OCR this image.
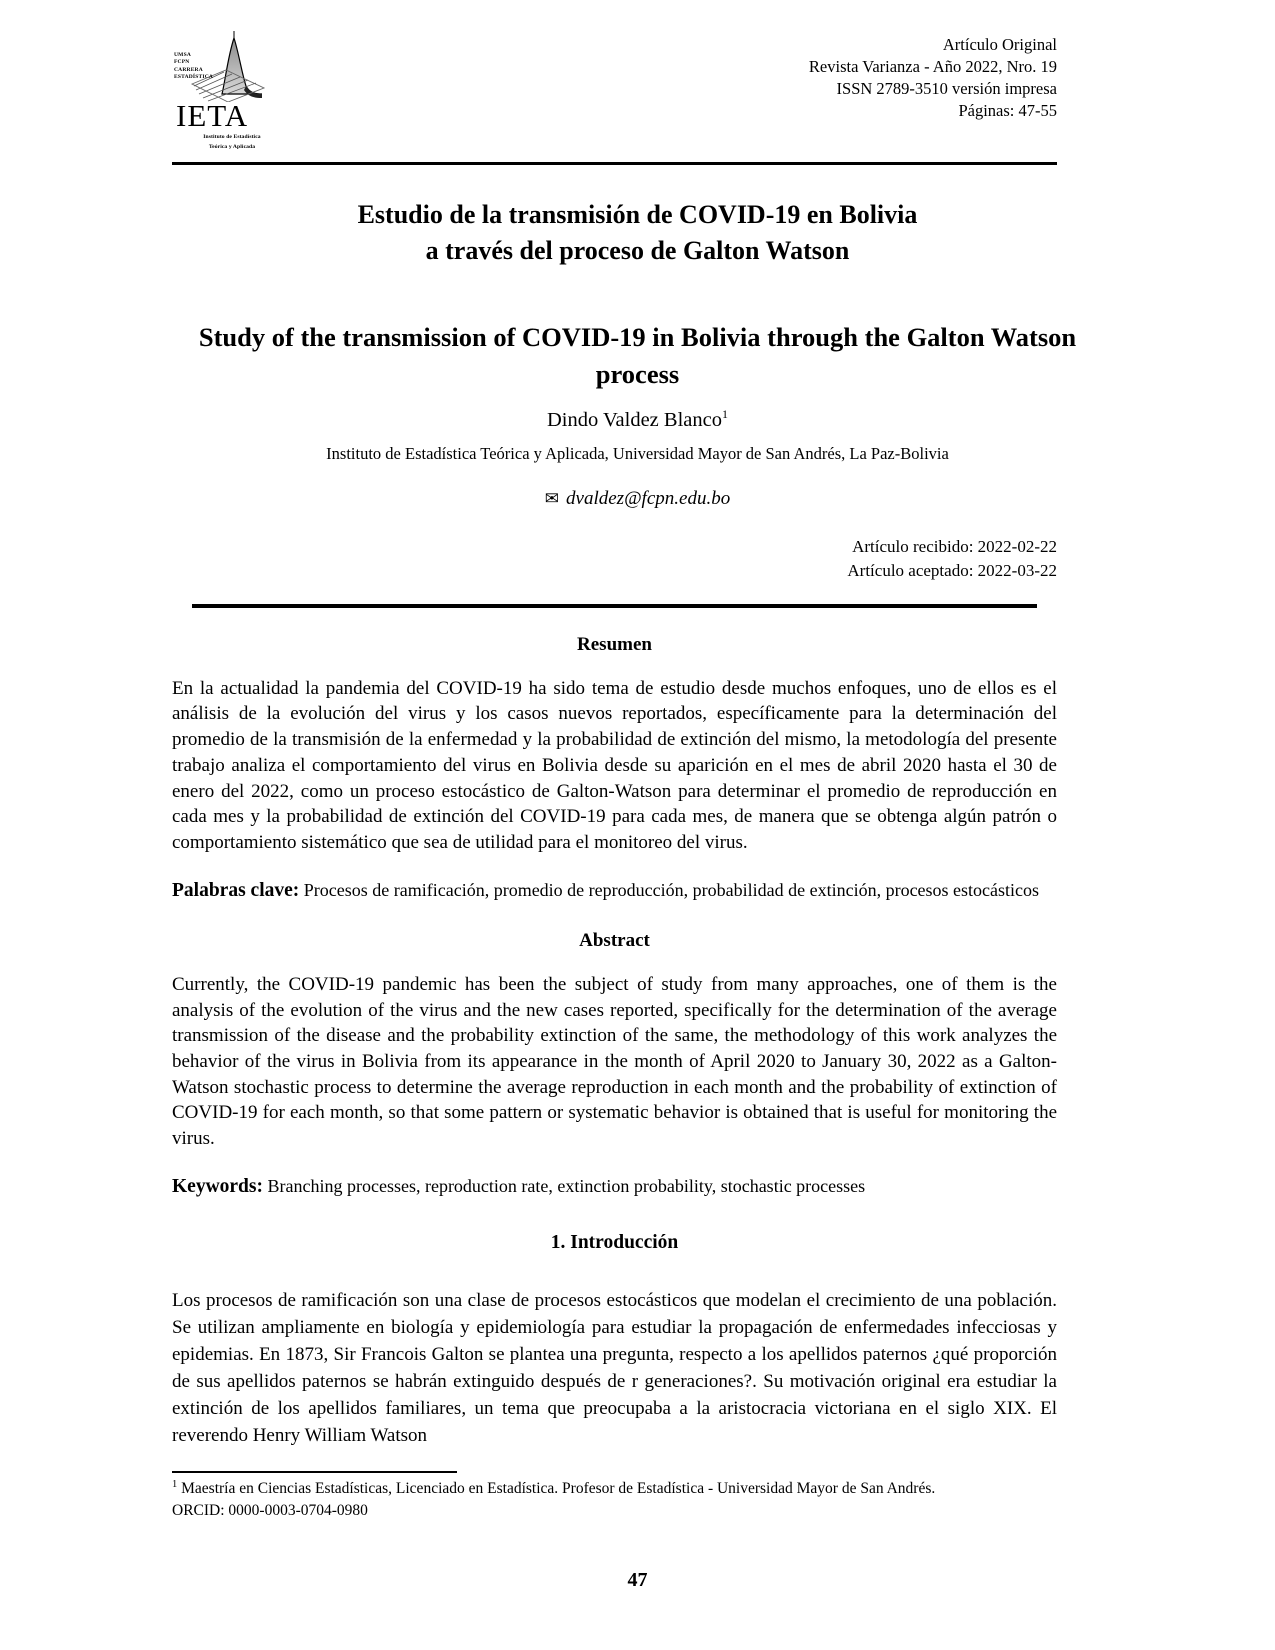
UMSA
FCPN
CARRERA
ESTADÍSTICA
IETA
Instituto de Estadística
Teórica y Aplicada
Artículo Original
Revista Varianza - Año 2022, Nro. 19
ISSN 2789-3510 versión impresa
Páginas: 47-55
Estudio de la transmisión de COVID-19 en Bolivia
a través del proceso de Galton Watson
Study of the transmission of COVID-19 in Bolivia through the Galton Watson process
Dindo Valdez Blanco$^1$
Instituto de Estadística Teórica y Aplicada, Universidad Mayor de San Andrés, La Paz-Bolivia
✉ dvaldez@fcpn.edu.bo
Artículo recibido: 2022-02-22
Artículo aceptado: 2022-03-22
Resumen

En la actualidad la pandemia del COVID-19 ha sido tema de estudio desde muchos enfoques, uno de ellos es el análisis de la evolución del virus y los casos nuevos reportados, específicamente para la determinación del promedio de la transmisión de la enfermedad y la probabilidad de extinción del mismo, la metodología del presente trabajo analiza el comportamiento del virus en Bolivia desde su aparición en el mes de abril 2020 hasta el 30 de enero del 2022, como un proceso estocástico de Galton-Watson para determinar el promedio de reproducción en cada mes y la probabilidad de extinción del COVID-19 para cada mes, de manera que se obtenga algún patrón o comportamiento sistemático que sea de utilidad para el monitoreo del virus.

Palabras clave: Procesos de ramificación, promedio de reproducción, probabilidad de extinción, procesos estocásticos

Abstract

Currently, the COVID-19 pandemic has been the subject of study from many approaches, one of them is the analysis of the evolution of the virus and the new cases reported, specifically for the determination of the average transmission of the disease and the probability extinction of the same, the methodology of this work analyzes the behavior of the virus in Bolivia from its appearance in the month of April 2020 to January 30, 2022 as a Galton-Watson stochastic process to determine the average reproduction in each month and the probability of extinction of COVID-19 for each month, so that some pattern or systematic behavior is obtained that is useful for monitoring the virus.

Keywords: Branching processes, reproduction rate, extinction probability, stochastic processes

1. Introducción

Los procesos de ramificación son una clase de procesos estocásticos que modelan el crecimiento de una población. Se utilizan ampliamente en biología y epidemiología para estudiar la propagación de enfermedades infecciosas y epidemias. En 1873, Sir Francois Galton se plantea una pregunta, respecto a los apellidos paternos ¿qué proporción de sus apellidos paternos se habrán extinguido después de r generaciones?. Su motivación original era estudiar la extinción de los apellidos familiares, un tema que preocupaba a la aristocracia victoriana en el siglo XIX. El reverendo Henry William Watson

$^1$ Maestría en Ciencias Estadísticas, Licenciado en Estadística. Profesor de Estadística - Universidad Mayor de San Andrés.
ORCID: 0000-0003-0704-0980
47
